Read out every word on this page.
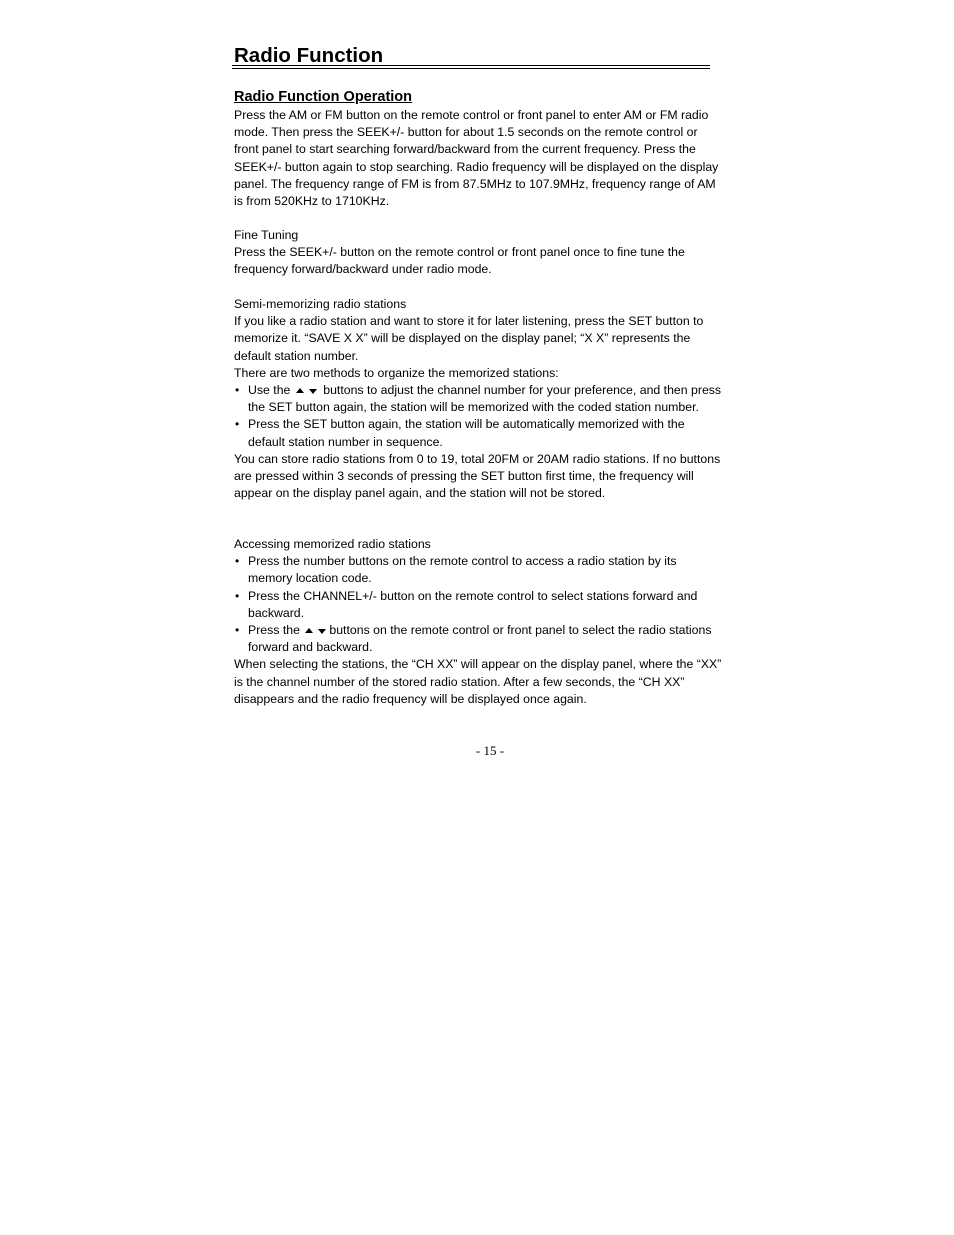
Radio Function
Radio Function Operation

Press the AM or FM button on the remote control or front panel to enter AM or FM radio mode. Then press the SEEK+/- button for about 1.5 seconds on the remote control or front panel to start searching forward/backward from the current frequency. Press the SEEK+/- button again to stop searching. Radio frequency will be displayed on the display panel. The frequency range of FM is from 87.5MHz to 107.9MHz, frequency range of AM is from 520KHz to 1710KHz.

Fine Tuning

Press the SEEK+/- button on the remote control or front panel once to fine tune the frequency forward/backward under radio mode.

Semi-memorizing radio stations

If you like a radio station and want to store it for later listening, press the SET button to memorize it. “SAVE X X” will be displayed on the display panel; “X X” represents the default station number.

There are two methods to organize the memorized stations:

• Use the	buttons to adjust the channel number for your preference, and then press the SET button again, the station will be memorized with the coded station number.
• Press the SET button again, the station will be automatically memorized with the default station number in sequence.

You can store radio stations from 0 to 19, total 20FM or 20AM radio stations. If no buttons are pressed within 3 seconds of pressing the SET button first time, the frequency will appear on the display panel again, and the station will not be stored.

Accessing memorized radio stations

• Press the number buttons on the remote control to access a radio station by its memory location code.
• Press the CHANNEL+/- button on the remote control to select stations forward and backward.
• Press the buttons on the remote control or front panel to select the radio stations forward and backward.

When selecting the stations, the “CH XX” will appear on the display panel, where the “XX” is the channel number of the stored radio station. After a few seconds, the “CH XX” disappears and the radio frequency will be displayed once again.

- 15 -
